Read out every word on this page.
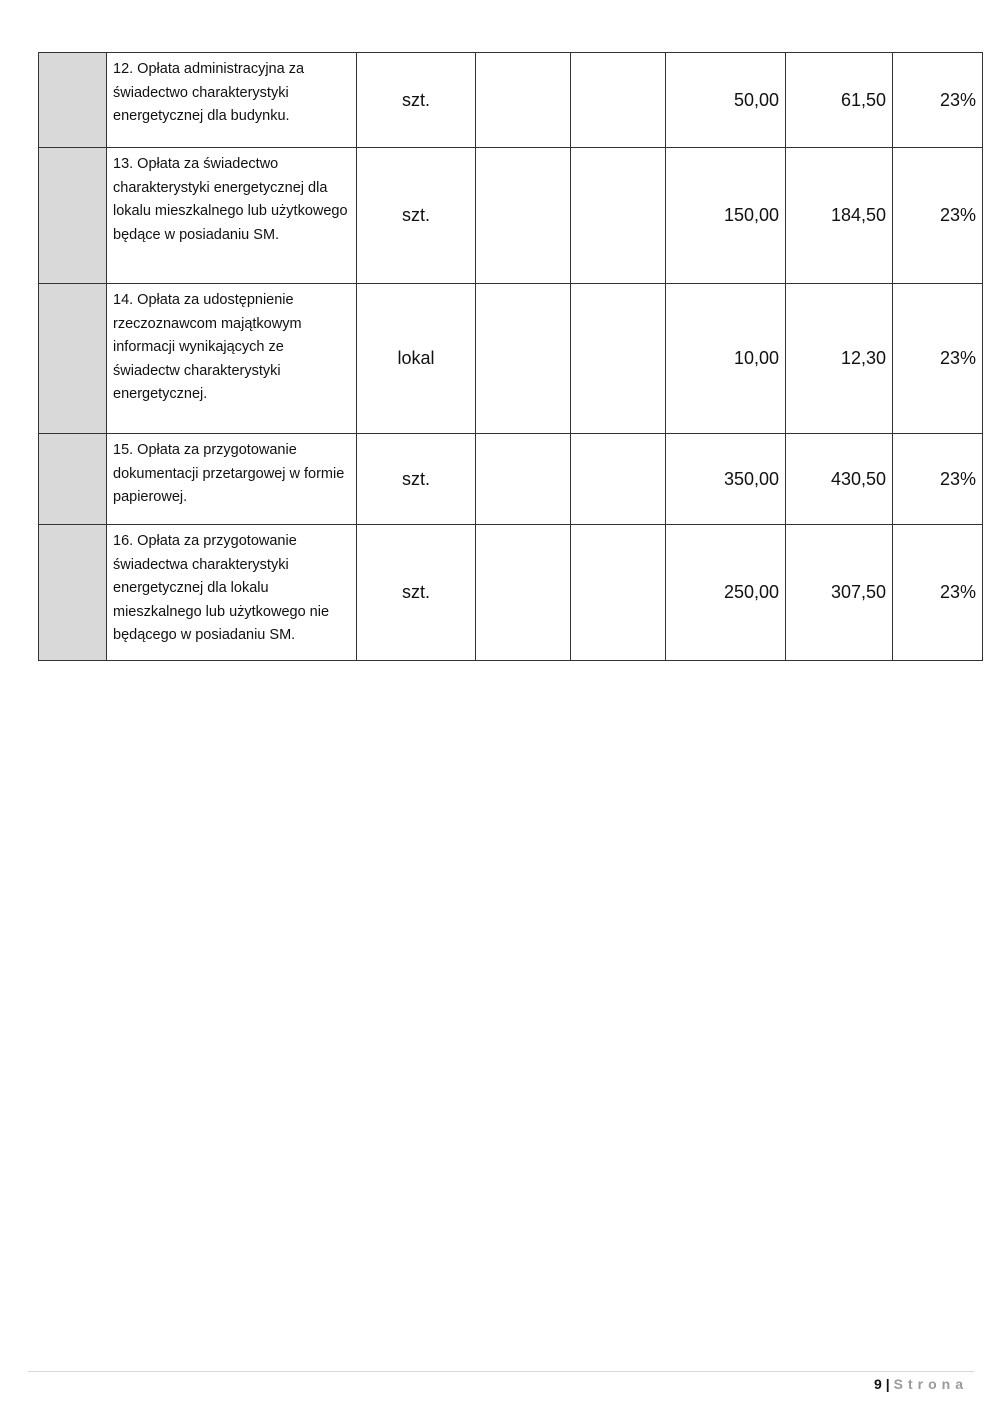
	12. Opłata administracyjna za świadectwo charakterystyki energetycznej dla budynku.	szt.			50,00	61,50	23%
	13. Opłata za świadectwo charakterystyki energetycznej dla lokalu mieszkalnego lub użytkowego będące w posiadaniu SM.	szt.			150,00	184,50	23%
	14. Opłata za udostępnienie rzeczoznawcom majątkowym informacji wynikających ze świadectw charakterystyki energetycznej.	lokal			10,00	12,30	23%
	15. Opłata za przygotowanie dokumentacji przetargowej w formie papierowej.	szt.			350,00	430,50	23%
	16. Opłata za przygotowanie świadectwa charakterystyki energetycznej dla lokalu mieszkalnego lub użytkowego nie będącego w posiadaniu SM.	szt.			250,00	307,50	23%
9 | Strona
